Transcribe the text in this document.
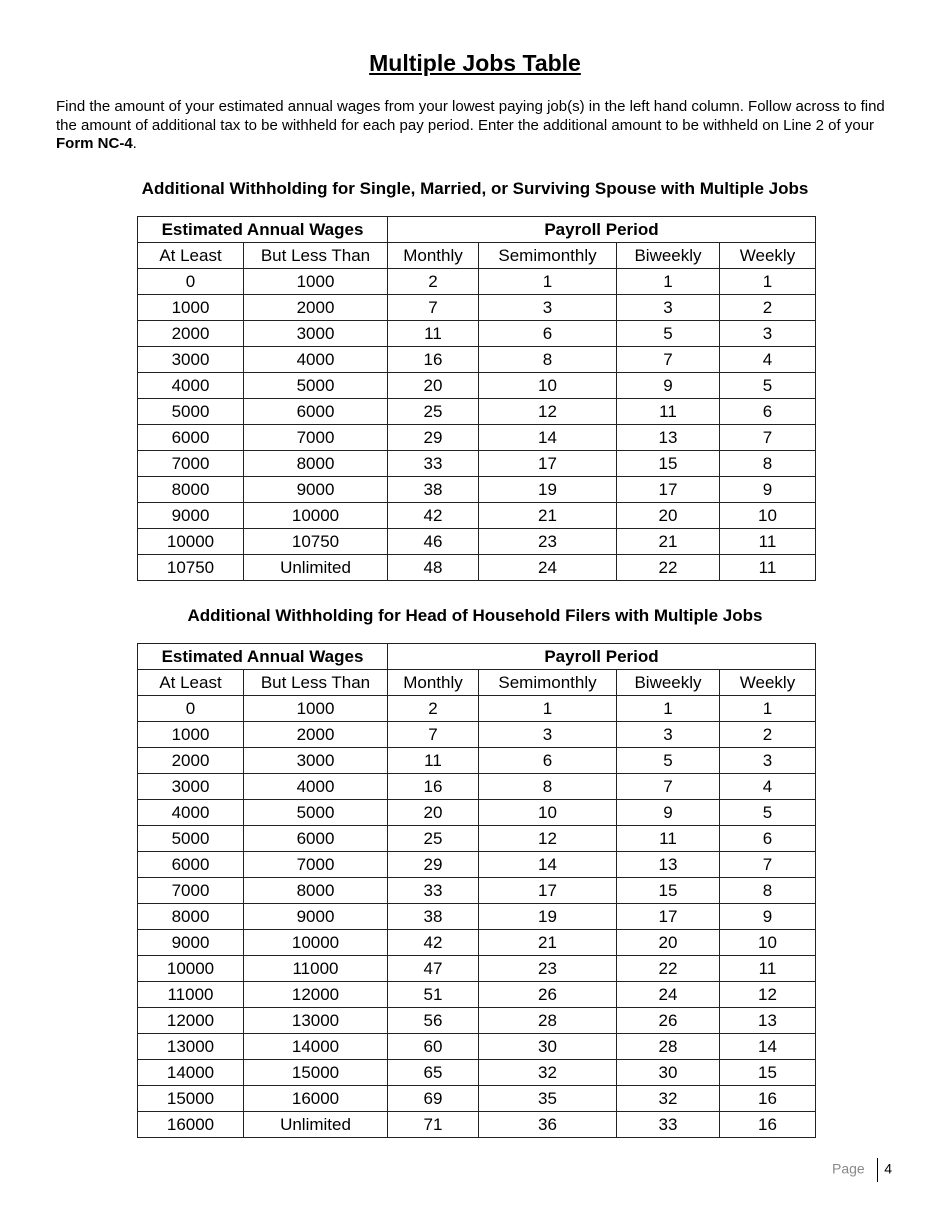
Multiple Jobs Table
Find the amount of your estimated annual wages from your lowest paying job(s) in the left hand column. Follow across to find the amount of additional tax to be withheld for each pay period. Enter the additional amount to be withheld on Line 2 of your Form NC-4.
Additional Withholding for Single, Married, or Surviving Spouse with Multiple Jobs
Estimated Annual Wages		Payroll Period			
At Least	But Less Than	Monthly	Semimonthly	Biweekly	Weekly
0	1000	2	1	1	1
1000	2000	7	3	3	2
2000	3000	11	6	5	3
3000	4000	16	8	7	4
4000	5000	20	10	9	5
5000	6000	25	12	11	6
6000	7000	29	14	13	7
7000	8000	33	17	15	8
8000	9000	38	19	17	9
9000	10000	42	21	20	10
10000	10750	46	23	21	11
10750	Unlimited	48	24	22	11
Additional Withholding for Head of Household Filers with Multiple Jobs
Estimated Annual Wages		Payroll Period			
At Least	But Less Than	Monthly	Semimonthly	Biweekly	Weekly
0	1000	2	1	1	1
1000	2000	7	3	3	2
2000	3000	11	6	5	3
3000	4000	16	8	7	4
4000	5000	20	10	9	5
5000	6000	25	12	11	6
6000	7000	29	14	13	7
7000	8000	33	17	15	8
8000	9000	38	19	17	9
9000	10000	42	21	20	10
10000	11000	47	23	22	11
11000	12000	51	26	24	12
12000	13000	56	28	26	13
13000	14000	60	30	28	14
14000	15000	65	32	30	15
15000	16000	69	35	32	16
16000	Unlimited	71	36	33	16
Page 4
